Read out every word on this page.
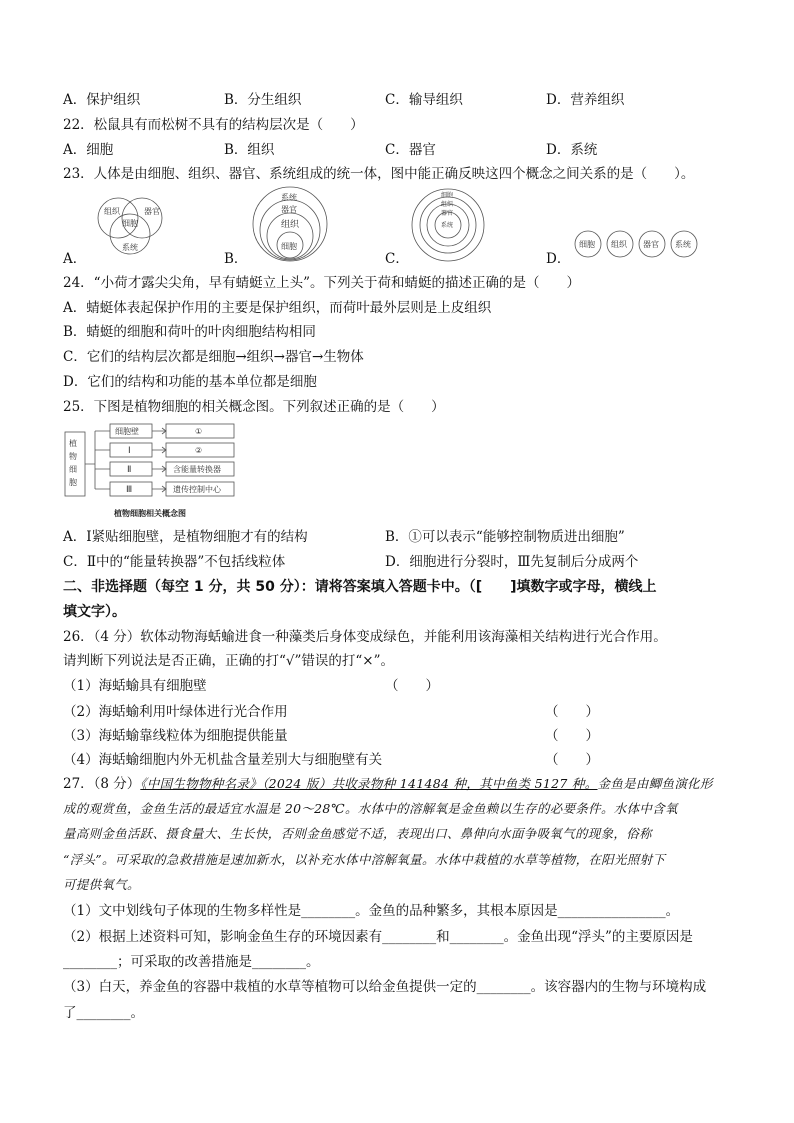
A．保护组织	B．分生组织	C．输导组织	D．营养组织
22．松鼠具有而松树不具有的结构层次是（　　）
A．细胞	B．组织	C．器官	D．系统
23．人体是由细胞、组织、器官、系统组成的统一体，图中能正确反映这四个概念之间关系的是（　　）。
组织	器官
细胞
系统
A．
系统
器官
组织
细胞
B．
细胞
组织
器官
系统
C．
细胞 组织 器官 系统
D．
24．“小荷才露尖尖角，早有蜻蜓立上头”。下列关于荷和蜻蜓的描述正确的是（　　）
A．蜻蜓体表起保护作用的主要是保护组织，而荷叶最外层则是上皮组织
B．蜻蜓的细胞和荷叶的叶肉细胞结构相同
C．它们的结构层次都是细胞→组织→器官→生物体
D．它们的结构和功能的基本单位都是细胞
25．下图是植物细胞的相关概念图。下列叙述正确的是（　　）
植
物
细
胞
细胞壁
Ⅰ
Ⅱ
Ⅲ
①
②
含能量转换器
遗传控制中心
植物细胞相关概念图
A．Ⅰ紧贴细胞壁，是植物细胞才有的结构	B．①可以表示“能够控制物质进出细胞”
C．Ⅱ中的“能量转换器”不包括线粒体	D．细胞进行分裂时，Ⅲ先复制后分成两个
二、非选择题（每空 1 分，共 50 分）：请将答案填入答题卡中。（[　　]填数字或字母，横线上
填文字）。
26．（4 分）软体动物海蛞蝓进食一种藻类后身体变成绿色，并能利用该海藻相关结构进行光合作用。
请判断下列说法是否正确，正确的打“√”错误的打“×”。
（1）海蛞蝓具有细胞壁	（　　）
（2）海蛞蝓利用叶绿体进行光合作用	（　　）
（3）海蛞蝓靠线粒体为细胞提供能量	（　　）
（4）海蛞蝓细胞内外无机盐含量差别大与细胞壁有关	（　　）
27．（8 分）《中国生物物种名录》（2024 版）共收录物种 141484 种，其中鱼类 5127 种。金鱼是由鲫鱼演化形
成的观赏鱼，金鱼生活的最适宜水温是 20～28℃。水体中的溶解氧是金鱼赖以生存的必要条件。水体中含氧
量高则金鱼活跃、摄食量大、生长快，否则金鱼感觉不适，表现出口、鼻伸向水面争吸氧气的现象，俗称
“浮头”。可采取的急救措施是速加新水，以补充水体中溶解氧量。水体中栽植的水草等植物，在阳光照射下
可提供氧气。
（1）文中划线句子体现的生物多样性是________。金鱼的品种繁多，其根本原因是________________。
（2）根据上述资料可知，影响金鱼生存的环境因素有________和________。金鱼出现“浮头”的主要原因是
________；可采取的改善措施是________。
（3）白天，养金鱼的容器中栽植的水草等植物可以给金鱼提供一定的________。该容器内的生物与环境构成
了________。
